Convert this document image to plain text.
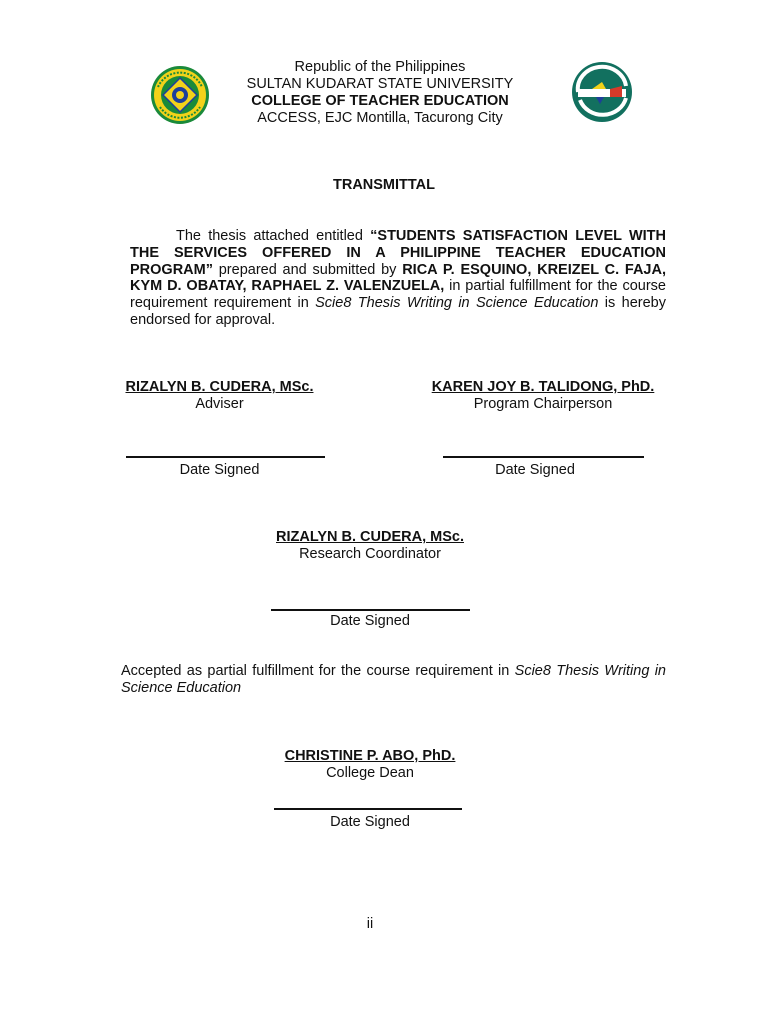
Republic of the Philippines
SULTAN KUDARAT STATE UNIVERSITY
COLLEGE OF TEACHER EDUCATION
ACCESS, EJC Montilla, Tacurong City
TRANSMITTAL
The thesis attached entitled “STUDENTS SATISFACTION LEVEL WITH THE SERVICES OFFERED IN A PHILIPPINE TEACHER EDUCATION PROGRAM” prepared and submitted by RICA P. ESQUINO, KREIZEL C. FAJA, KYM D. OBATAY, RAPHAEL Z. VALENZUELA, in partial fulfillment for the course requirement requirement in Scie8 Thesis Writing in Science Education is hereby endorsed for approval.
RIZALYN B. CUDERA, MSc.
Adviser
Date Signed
KAREN JOY B. TALIDONG, PhD.
Program Chairperson
Date Signed
RIZALYN B. CUDERA, MSc.
Research Coordinator
Date Signed
Accepted as partial fulfillment for the course requirement in Scie8 Thesis Writing in Science Education
CHRISTINE P. ABO, PhD.
College Dean
Date Signed
ii
